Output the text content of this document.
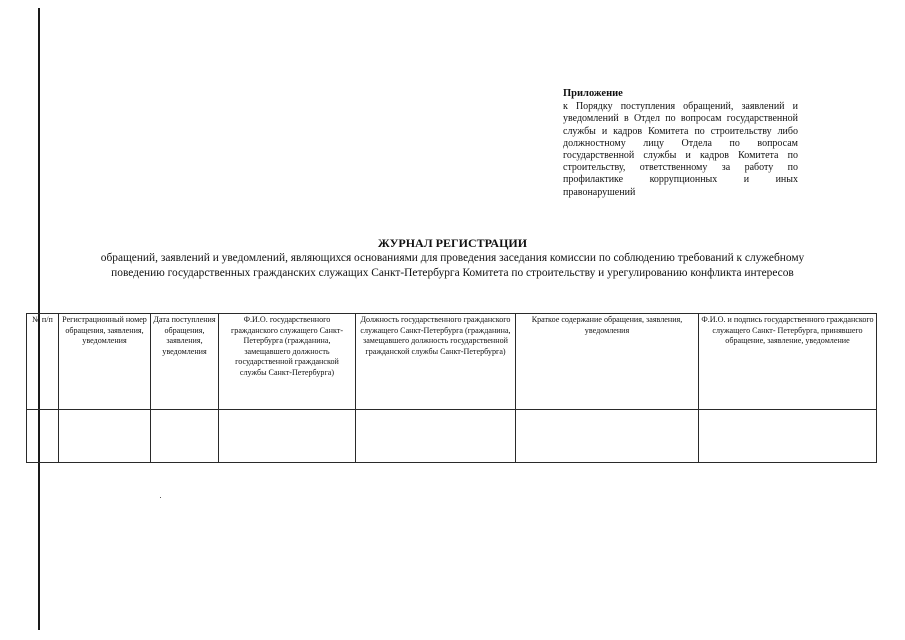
Приложение
к Порядку поступления обращений, заявлений и уведомлений в Отдел по вопросам государственной службы и кадров Комитета по строительству либо должностному лицу Отдела по вопросам государственной службы и кадров Комитета по строительству, ответственному за работу по профилактике коррупционных и иных правонарушений
ЖУРНАЛ РЕГИСТРАЦИИ
обращений, заявлений и уведомлений, являющихся основаниями для проведения заседания комиссии по соблюдению требований к служебному поведению государственных гражданских служащих Санкт-Петербурга Комитета по строительству и урегулированию конфликта интересов
№ п/п	Регистрационный номер обращения, заявления, уведомления	Дата поступления обращения, заявления, уведомления	Ф.И.О. государственного гражданского служащего Санкт-Петербурга (гражданина, замещавшего должность государственной гражданской службы Санкт-Петербурга)	Должность государственного гражданского служащего Санкт-Петербурга (гражданина, замещавшего должность государственной гражданской службы Санкт-Петербурга)	Краткое содержание обращения, заявления, уведомления	Ф.И.О. и подпись государственного гражданского служащего Санкт- Петербурга, принявшего обращение, заявление, уведомление
